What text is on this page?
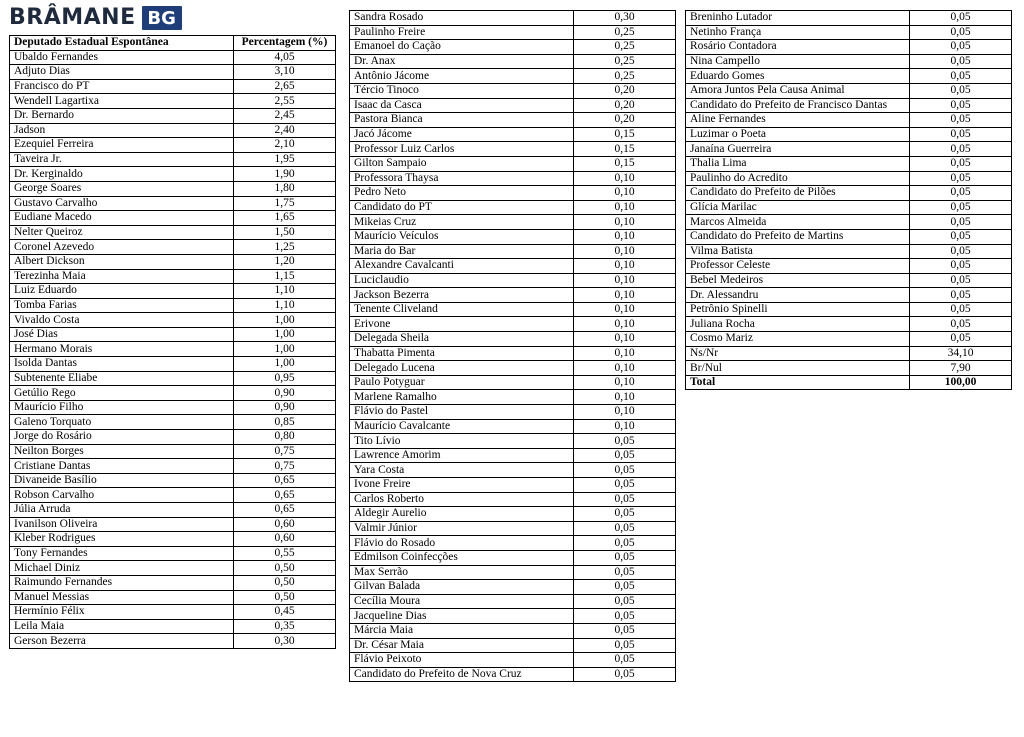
BRÂMANE BG
Deputado Estadual Espontânea	Percentagem (%)
Ubaldo Fernandes	4,05
Adjuto Dias	3,10
Francisco do PT	2,65
Wendell Lagartixa	2,55
Dr. Bernardo	2,45
Jadson	2,40
Ezequiel Ferreira	2,10
Taveira Jr.	1,95
Dr. Kerginaldo	1,90
George Soares	1,80
Gustavo Carvalho	1,75
Eudiane Macedo	1,65
Nelter Queiroz	1,50
Coronel Azevedo	1,25
Albert Dickson	1,20
Terezinha Maia	1,15
Luiz Eduardo	1,10
Tomba Farias	1,10
Vivaldo Costa	1,00
José Dias	1,00
Hermano Morais	1,00
Isolda Dantas	1,00
Subtenente Eliabe	0,95
Getúlio Rego	0,90
Maurício Filho	0,90
Galeno Torquato	0,85
Jorge do Rosário	0,80
Neilton Borges	0,75
Cristiane Dantas	0,75
Divaneide Basílio	0,65
Robson Carvalho	0,65
Júlia Arruda	0,65
Ivanilson Oliveira	0,60
Kleber Rodrigues	0,60
Tony Fernandes	0,55
Michael Diniz	0,50
Raimundo Fernandes	0,50
Manuel Messias	0,50
Hermínio Félix	0,45
Leila Maia	0,35
Gerson Bezerra	0,30
Sandra Rosado	0,30
Paulinho Freire	0,25
Emanoel do Cação	0,25
Dr. Anax	0,25
Antônio Jácome	0,25
Tércio Tinoco	0,20
Isaac da Casca	0,20
Pastora Bianca	0,20
Jacó Jácome	0,15
Professor Luiz Carlos	0,15
Gilton Sampaio	0,15
Professora Thaysa	0,10
Pedro Neto	0,10
Candidato do PT	0,10
Mikeias Cruz	0,10
Maurício Veículos	0,10
Maria do Bar	0,10
Alexandre Cavalcanti	0,10
Luciclaudio	0,10
Jackson Bezerra	0,10
Tenente Cliveland	0,10
Erivone	0,10
Delegada Sheila	0,10
Thabatta Pimenta	0,10
Delegado Lucena	0,10
Paulo Potyguar	0,10
Marlene Ramalho	0,10
Flávio do Pastel	0,10
Maurício Cavalcante	0,10
Tito Lívio	0,05
Lawrence Amorim	0,05
Yara Costa	0,05
Ivone Freire	0,05
Carlos Roberto	0,05
Aldegir Aurelio	0,05
Valmir Júnior	0,05
Flávio do Rosado	0,05
Edmilson Coinfecções	0,05
Max Serrão	0,05
Gilvan Balada	0,05
Cecília Moura	0,05
Jacqueline Dias	0,05
Márcia Maia	0,05
Dr. César Maia	0,05
Flávio Peixoto	0,05
Candidato do Prefeito de Nova Cruz	0,05
Breninho Lutador	0,05
Netinho França	0,05
Rosário Contadora	0,05
Nina Campello	0,05
Eduardo Gomes	0,05
Amora Juntos Pela Causa Animal	0,05
Candidato do Prefeito de Francisco Dantas	0,05
Aline Fernandes	0,05
Luzimar o Poeta	0,05
Janaína Guerreira	0,05
Thalia Lima	0,05
Paulinho do Acredito	0,05
Candidato do Prefeito de Pilões	0,05
Glícia Marilac	0,05
Marcos Almeida	0,05
Candidato do Prefeito de Martins	0,05
Vilma Batista	0,05
Professor Celeste	0,05
Bebel Medeiros	0,05
Dr. Alessandru	0,05
Petrônio Spinelli	0,05
Juliana Rocha	0,05
Cosmo Mariz	0,05
Ns/Nr	34,10
Br/Nul	7,90
Total	100,00
